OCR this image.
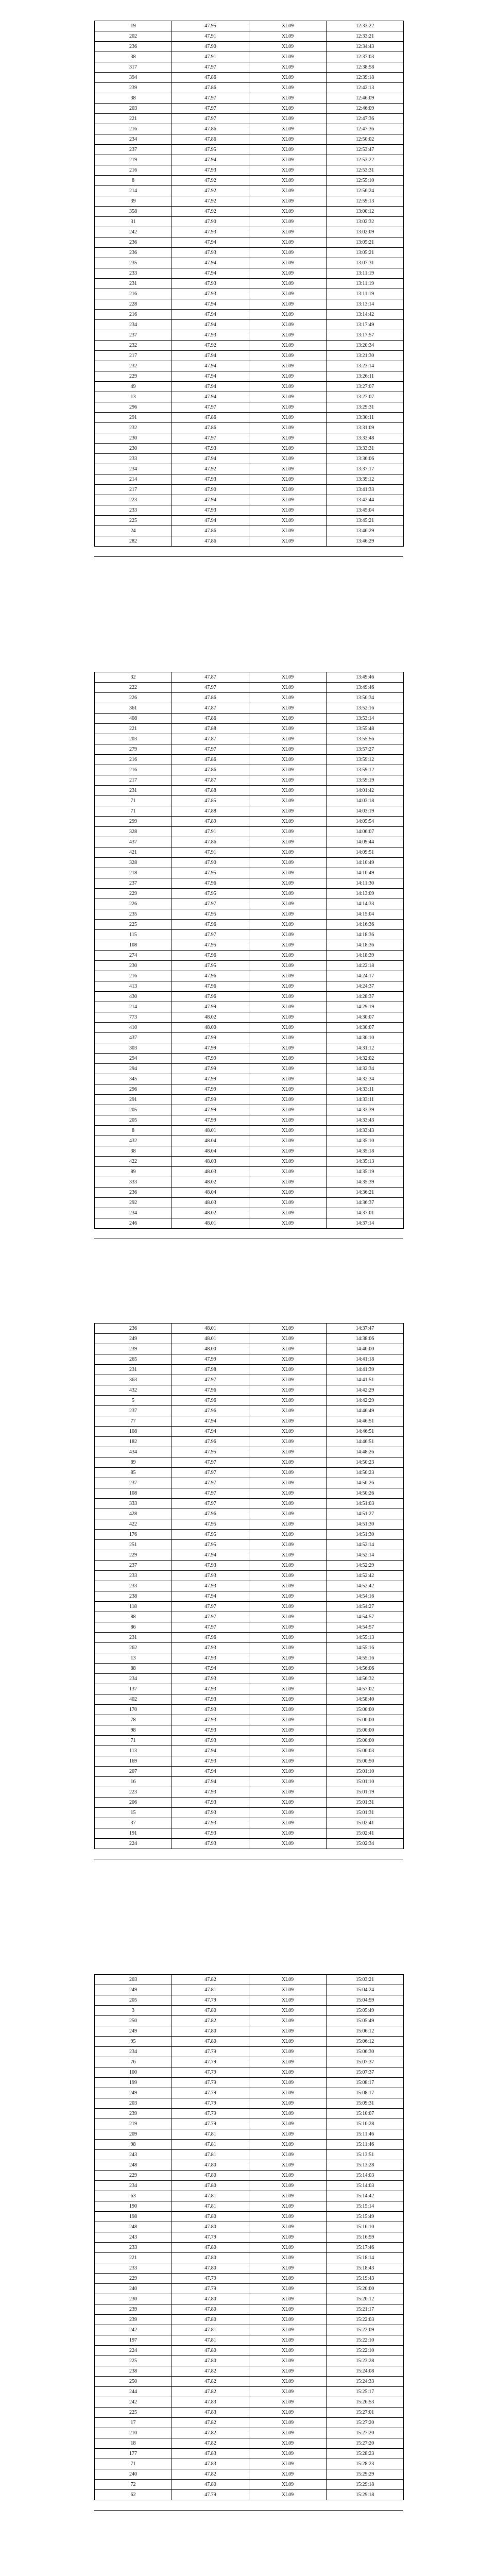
19	47.95	XL09	12:33:22
202	47.91	XL09	12:33:21
236	47.90	XL09	12:34:43
38	47.91	XL09	12:37:03
317	47.97	XL09	12:38:58
394	47.86	XL09	12:39:18
239	47.86	XL09	12:42:13
38	47.97	XL09	12:46:09
203	47.97	XL09	12:46:09
221	47.97	XL09	12:47:36
216	47.86	XL09	12:47:36
234	47.86	XL09	12:50:02
237	47.95	XL09	12:53:47
219	47.94	XL09	12:53:22
216	47.93	XL09	12:53:31
8	47.92	XL09	12:55:10
214	47.92	XL09	12:56:24
39	47.92	XL09	12:59:13
358	47.92	XL09	13:00:12
31	47.90	XL09	13:02:32
242	47.93	XL09	13:02:09
236	47.94	XL09	13:05:21
236	47.93	XL09	13:05:21
235	47.94	XL09	13:07:31
233	47.94	XL09	13:11:19
231	47.93	XL09	13:11:19
216	47.93	XL09	13:11:19
228	47.94	XL09	13:13:14
216	47.94	XL09	13:14:42
234	47.94	XL09	13:17:49
237	47.93	XL09	13:17:57
232	47.92	XL09	13:20:34
217	47.94	XL09	13:21:30
232	47.94	XL09	13:23:14
229	47.94	XL09	13:26:11
49	47.94	XL09	13:27:07
13	47.94	XL09	13:27:07
296	47.97	XL09	13:29:31
291	47.86	XL09	13:30:11
232	47.86	XL09	13:31:09
230	47.97	XL09	13:33:48
230	47.93	XL09	13:33:31
233	47.94	XL09	13:36:06
234	47.92	XL09	13:37:17
214	47.93	XL09	13:39:12
217	47.90	XL09	13:41:33
223	47.94	XL09	13:42:44
233	47.93	XL09	13:45:04
225	47.94	XL09	13:45:21
24	47.86	XL09	13:46:29
282	47.86	XL09	13:46:29
32	47.87	XL09	13:49:46
222	47.97	XL09	13:49:46
226	47.86	XL09	13:50:34
361	47.87	XL09	13:52:16
408	47.86	XL09	13:53:14
221	47.88	XL09	13:55:48
203	47.87	XL09	13:55:56
279	47.97	XL09	13:57:27
216	47.86	XL09	13:59:12
216	47.86	XL09	13:59:12
217	47.87	XL09	13:59:19
231	47.88	XL09	14:01:42
71	47.85	XL09	14:03:18
71	47.88	XL09	14:03:19
299	47.89	XL09	14:05:54
328	47.91	XL09	14:06:07
437	47.86	XL09	14:09:44
421	47.91	XL09	14:09:51
328	47.90	XL09	14:10:49
218	47.95	XL09	14:10:49
237	47.96	XL09	14:11:30
229	47.95	XL09	14:13:09
226	47.97	XL09	14:14:33
235	47.95	XL09	14:15:04
225	47.96	XL09	14:16:36
115	47.97	XL09	14:18:36
108	47.95	XL09	14:18:36
274	47.96	XL09	14:18:39
230	47.95	XL09	14:22:18
216	47.96	XL09	14:24:17
413	47.96	XL09	14:24:37
430	47.96	XL09	14:28:37
214	47.99	XL09	14:29:19
773	48.02	XL09	14:30:07
410	48.00	XL09	14:30:07
437	47.99	XL09	14:30:10
303	47.99	XL09	14:31:12
294	47.99	XL09	14:32:02
294	47.99	XL09	14:32:34
345	47.99	XL09	14:32:34
296	47.99	XL09	14:33:11
291	47.99	XL09	14:33:11
205	47.99	XL09	14:33:39
205	47.99	XL09	14:33:43
8	48.01	XL09	14:33:43
432	48.04	XL09	14:35:10
38	48.04	XL09	14:35:18
422	48.03	XL09	14:35:13
89	48.03	XL09	14:35:19
333	48.02	XL09	14:35:39
236	48.04	XL09	14:36:21
292	48.03	XL09	14:36:37
234	48.02	XL09	14:37:01
246	48.01	XL09	14:37:14
236	48.01	XL09	14:37:47
249	48.01	XL09	14:38:06
239	48.00	XL09	14:40:00
265	47.99	XL09	14:41:18
231	47.98	XL09	14:41:39
363	47.97	XL09	14:41:51
432	47.96	XL09	14:42:29
5	47.96	XL09	14:42:29
237	47.96	XL09	14:46:49
77	47.94	XL09	14:46:51
108	47.94	XL09	14:46:51
182	47.96	XL09	14:46:51
434	47.95	XL09	14:48:26
89	47.97	XL09	14:50:23
85	47.97	XL09	14:50:23
237	47.97	XL09	14:50:26
108	47.97	XL09	14:50:26
333	47.97	XL09	14:51:03
428	47.96	XL09	14:51:27
422	47.95	XL09	14:51:30
176	47.95	XL09	14:51:30
251	47.95	XL09	14:52:14
229	47.94	XL09	14:52:14
237	47.93	XL09	14:52:29
233	47.93	XL09	14:52:42
233	47.93	XL09	14:52:42
238	47.94	XL09	14:54:16
118	47.97	XL09	14:54:27
88	47.97	XL09	14:54:57
86	47.97	XL09	14:54:57
231	47.96	XL09	14:55:13
262	47.93	XL09	14:55:16
13	47.93	XL09	14:55:16
88	47.94	XL09	14:56:06
234	47.93	XL09	14:56:32
137	47.93	XL09	14:57:02
402	47.93	XL09	14:58:40
170	47.93	XL09	15:00:00
78	47.93	XL09	15:00:00
98	47.93	XL09	15:00:00
71	47.93	XL09	15:00:00
113	47.94	XL09	15:00:03
169	47.93	XL09	15:00:50
207	47.94	XL09	15:01:10
16	47.94	XL09	15:01:10
223	47.93	XL09	15:01:19
206	47.93	XL09	15:01:31
15	47.93	XL09	15:01:31
37	47.93	XL09	15:02:41
191	47.93	XL09	15:02:41
224	47.93	XL09	15:02:34
203	47.82	XL09	15:03:21
249	47.81	XL09	15:04:24
205	47.79	XL09	15:04:59
3	47.80	XL09	15:05:49
250	47.82	XL09	15:05:49
249	47.80	XL09	15:06:12
95	47.80	XL09	15:06:12
234	47.79	XL09	15:06:30
76	47.79	XL09	15:07:37
100	47.79	XL09	15:07:37
199	47.79	XL09	15:08:17
249	47.79	XL09	15:08:17
203	47.79	XL09	15:09:31
239	47.79	XL09	15:10:07
219	47.79	XL09	15:10:28
209	47.81	XL09	15:11:46
98	47.81	XL09	15:11:46
243	47.81	XL09	15:13:51
248	47.80	XL09	15:13:28
229	47.80	XL09	15:14:03
234	47.80	XL09	15:14:03
63	47.81	XL09	15:14:42
190	47.81	XL09	15:15:14
198	47.80	XL09	15:15:49
248	47.80	XL09	15:16:10
243	47.79	XL09	15:16:59
233	47.80	XL09	15:17:46
221	47.80	XL09	15:18:14
233	47.80	XL09	15:18:43
229	47.79	XL09	15:19:43
240	47.79	XL09	15:20:00
230	47.80	XL09	15:20:12
239	47.80	XL09	15:21:17
239	47.80	XL09	15:22:03
242	47.81	XL09	15:22:09
197	47.81	XL09	15:22:10
224	47.80	XL09	15:22:10
225	47.80	XL09	15:23:28
238	47.82	XL09	15:24:08
250	47.82	XL09	15:24:33
244	47.82	XL09	15:25:17
242	47.83	XL09	15:26:53
225	47.83	XL09	15:27:01
17	47.82	XL09	15:27:20
210	47.82	XL09	15:27:20
18	47.82	XL09	15:27:20
177	47.83	XL09	15:28:23
71	47.83	XL09	15:28:23
240	47.82	XL09	15:29:29
72	47.80	XL09	15:29:18
62	47.79	XL09	15:29:18
